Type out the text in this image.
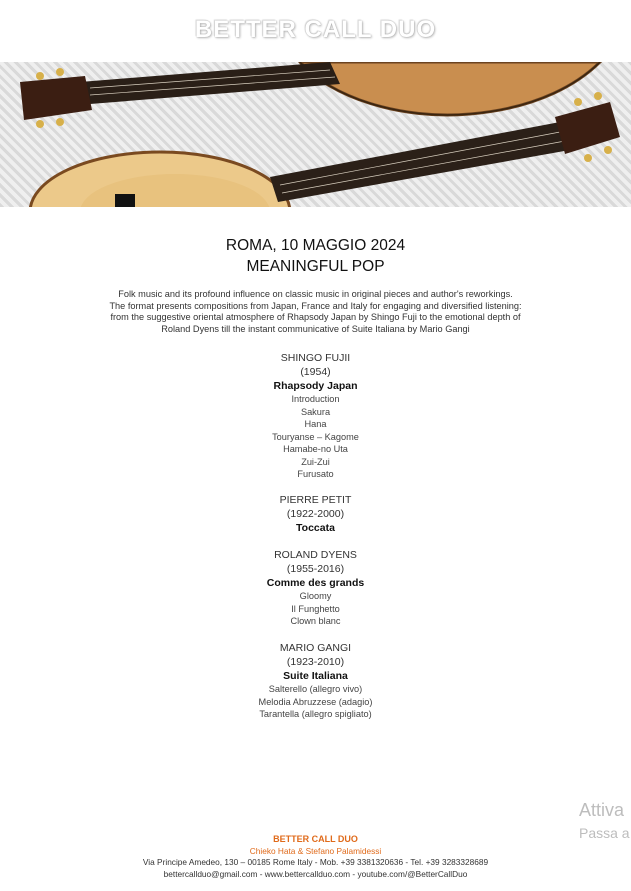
BETTER CALL DUO
ROMA, 10 MAGGIO 2024
MEANINGFUL POP
Folk music and its profound influence on classic music in original pieces and author's reworkings.
The format presents compositions from Japan, France and Italy for engaging and diversified listening:
from the suggestive oriental atmosphere of Rhapsody Japan by Shingo Fuji to the emotional depth of
Roland Dyens till the instant communicative of Suite Italiana by Mario Gangi
SHINGO FUJII
(1954)
Rhapsody Japan
Introduction
Sakura
Hana
Touryanse – Kagome
Hamabe-no Uta
Zui-Zui
Furusato
PIERRE PETIT
(1922-2000)
Toccata
ROLAND DYENS
(1955-2016)
Comme des grands
Gloomy
Il Funghetto
Clown blanc
MARIO GANGI
(1923-2010)
Suite Italiana
Salterello (allegro vivo)
Melodia Abruzzese (adagio)
Tarantella (allegro spigliato)
Attiva
Passa a
BETTER CALL DUO
Chieko Hata & Stefano Palamidessi
Via Principe Amedeo, 130 – 00185 Rome Italy - Mob. +39 3381320636 - Tel. +39 3283328689
bettercallduo@gmail.com - www.bettercallduo.com - youtube.com/@BetterCallDuo
